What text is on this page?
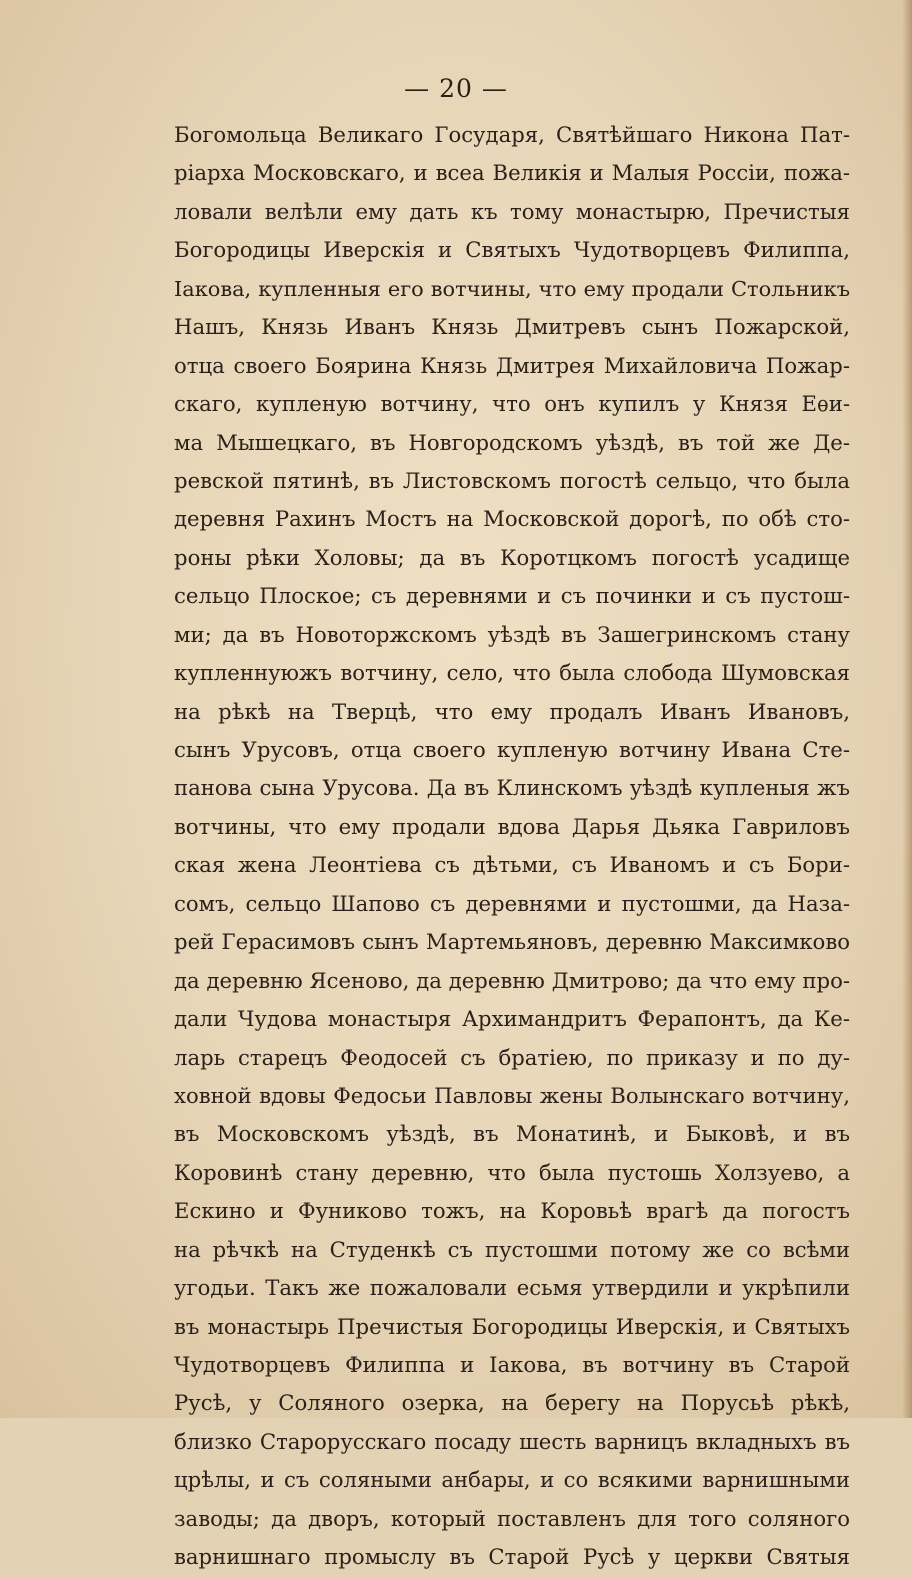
— 20 —
Богомольца Великаго Государя, Святѣйшаго Никона Пат-
ріарха Московскаго, и всеа Великія и Малыя Россіи, пожа-
ловали велѣли ему дать къ тому монастырю, Пречистыя
Богородицы Иверскія и Святыхъ Чудотворцевъ Филиппа,
Іакова, купленныя его вотчины, что ему продали Стольникъ
Нашъ, Князь Иванъ Князь Дмитревъ сынъ Пожарской,
отца своего Боярина Князь Дмитрея Михайловича Пожар-
скаго, купленую вотчину, что онъ купилъ у Князя Еѳи-
ма Мышецкаго, въ Новгородскомъ уѣздѣ, въ той же Де-
ревской пятинѣ, въ Листовскомъ погостѣ сельцо, что была
деревня Рахинъ Мостъ на Московской дорогѣ, по обѣ сто-
роны рѣки Холовы; да въ Коротцкомъ погостѣ усадище
сельцо Плоское; съ деревнями и съ починки и съ пустош-
ми; да въ Новоторжскомъ уѣздѣ въ Зашегринскомъ стану
купленнуюжъ вотчину, село, что была слобода Шумовская
на рѣкѣ на Тверцѣ, что ему продалъ Иванъ Ивановъ,
сынъ Урусовъ, отца своего купленую вотчину Ивана Сте-
панова сына Урусова. Да въ Клинскомъ уѣздѣ купленыя жъ
вотчины, что ему продали вдова Дарья Дьяка Гавриловъ
ская жена Леонтіева съ дѣтьми, съ Иваномъ и съ Бори-
сомъ, сельцо Шапово съ деревнями и пустошми, да Наза-
рей Герасимовъ сынъ Мартемьяновъ, деревню Максимково
да деревню Ясеново, да деревню Дмитрово; да что ему про-
дали Чудова монастыря Архимандритъ Ферапонтъ, да Ке-
ларь старецъ Феодосей съ братіею, по приказу и по ду-
ховной вдовы Федосьи Павловы жены Волынскаго вотчину,
въ Московскомъ уѣздѣ, въ Монатинѣ, и Быковѣ, и въ
Коровинѣ стану деревню, что была пустошь Холзуево, а
Ескино и Фуниково тожъ, на Коровьѣ врагѣ да погостъ
на рѣчкѣ на Студенкѣ съ пустошми потому же со всѣми
угодьи. Такъ же пожаловали есьмя утвердили и укрѣпили
въ монастырь Пречистыя Богородицы Иверскія, и Святыхъ
Чудотворцевъ Филиппа и Іакова, въ вотчину въ Старой
Русѣ, у Соляного озерка, на берегу на Порусьѣ рѣкѣ,
близко Старорусскаго посаду шесть варницъ вкладныхъ въ
црѣлы, и съ соляными анбары, и со всякими варнишными
заводы; да дворъ, который поставленъ для того соляного
варнишнаго промыслу въ Старой Русѣ у церкви Святыя
